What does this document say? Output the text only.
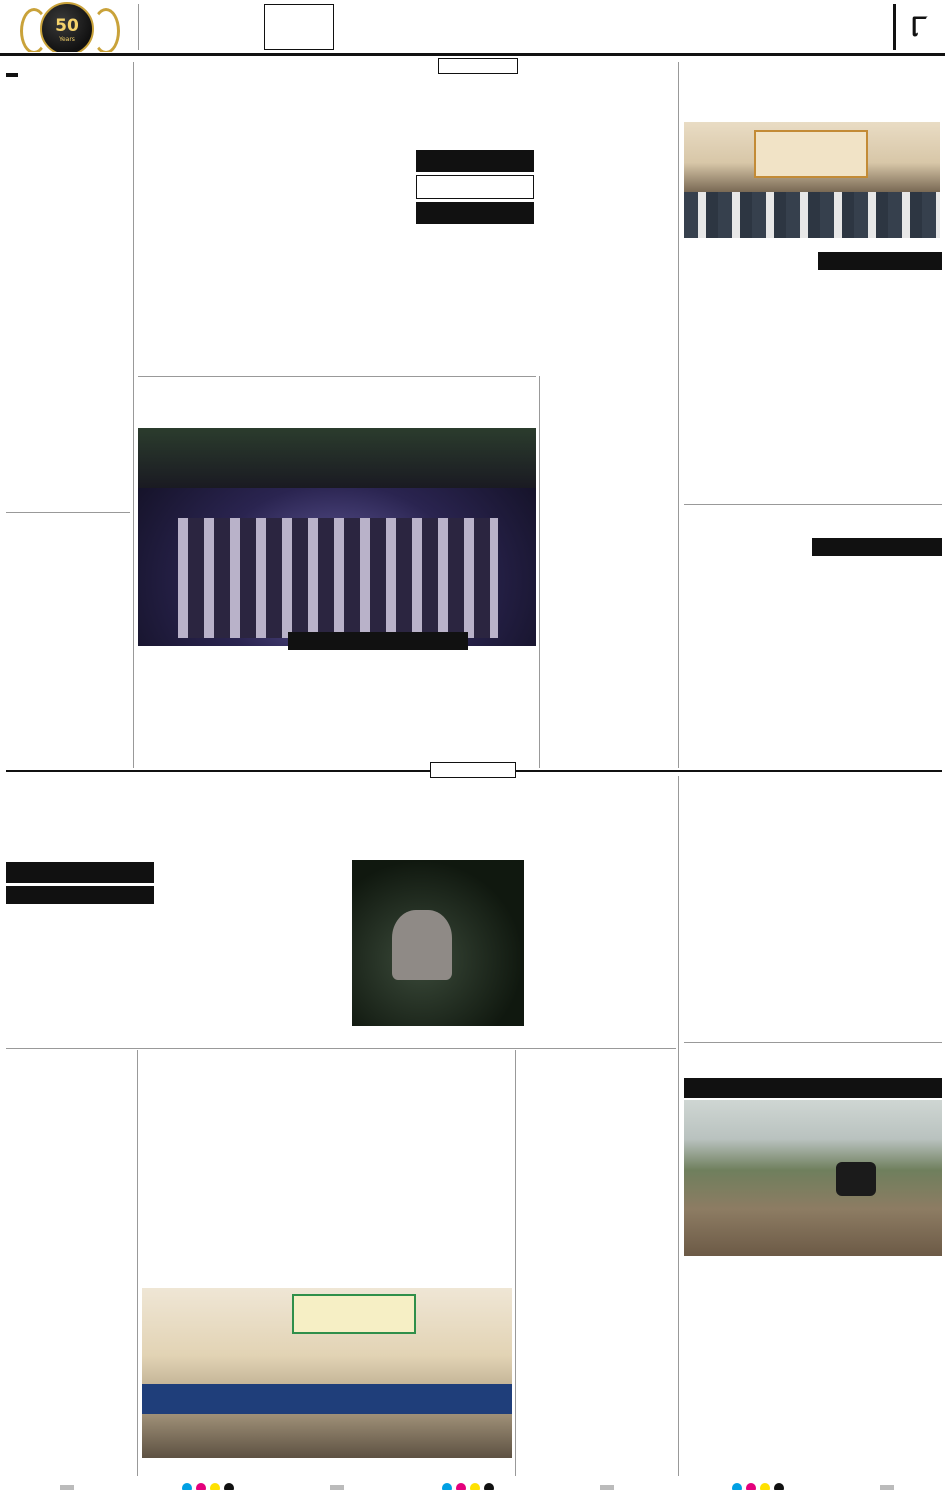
50
Years	୮
